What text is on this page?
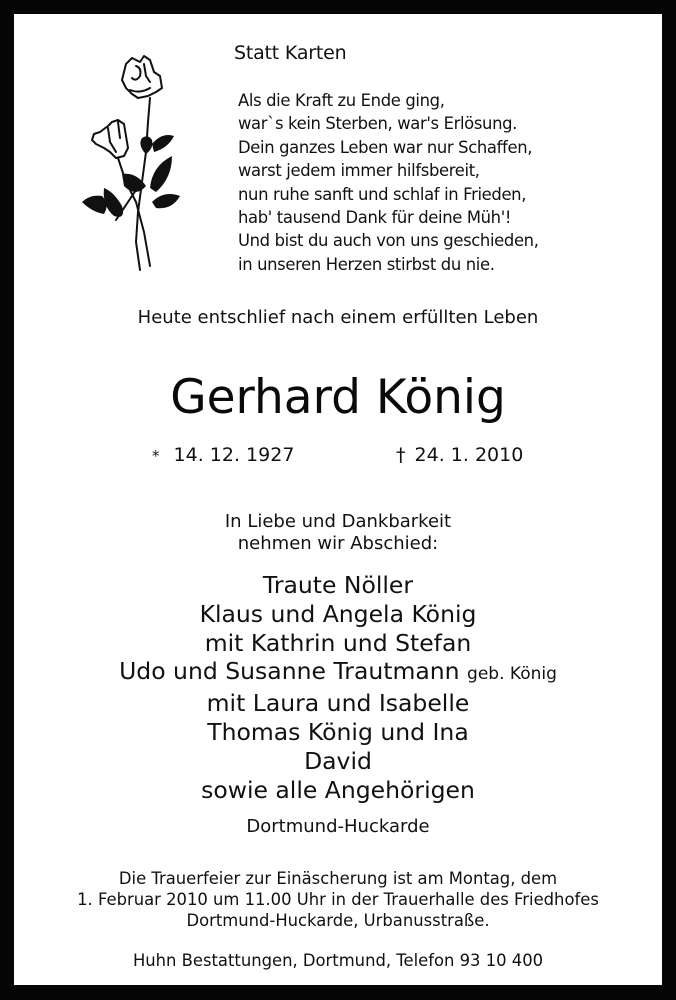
Statt Karten
Als die Kraft zu Ende ging,
war`s kein Sterben, war's Erlösung.
Dein ganzes Leben war nur Schaffen,
warst jedem immer hilfsbereit,
nun ruhe sanft und schlaf in Frieden,
hab' tausend Dank für deine Müh'!
Und bist du auch von uns geschieden,
in unseren Herzen stirbst du nie.
Heute entschlief nach einem erfüllten Leben
Gerhard König
* 14. 12. 1927	† 24. 1. 2010
In Liebe und Dankbarkeit
nehmen wir Abschied:
Traute Nöller
Klaus und Angela König
mit Kathrin und Stefan
Udo und Susanne Trautmann geb. König
mit Laura und Isabelle
Thomas König und Ina
David
sowie alle Angehörigen
Dortmund-Huckarde
Die Trauerfeier zur Einäscherung ist am Montag, dem
1. Februar 2010 um 11.00 Uhr in der Trauerhalle des Friedhofes
Dortmund-Huckarde, Urbanusstraße.
Huhn Bestattungen, Dortmund, Telefon 93 10 400
